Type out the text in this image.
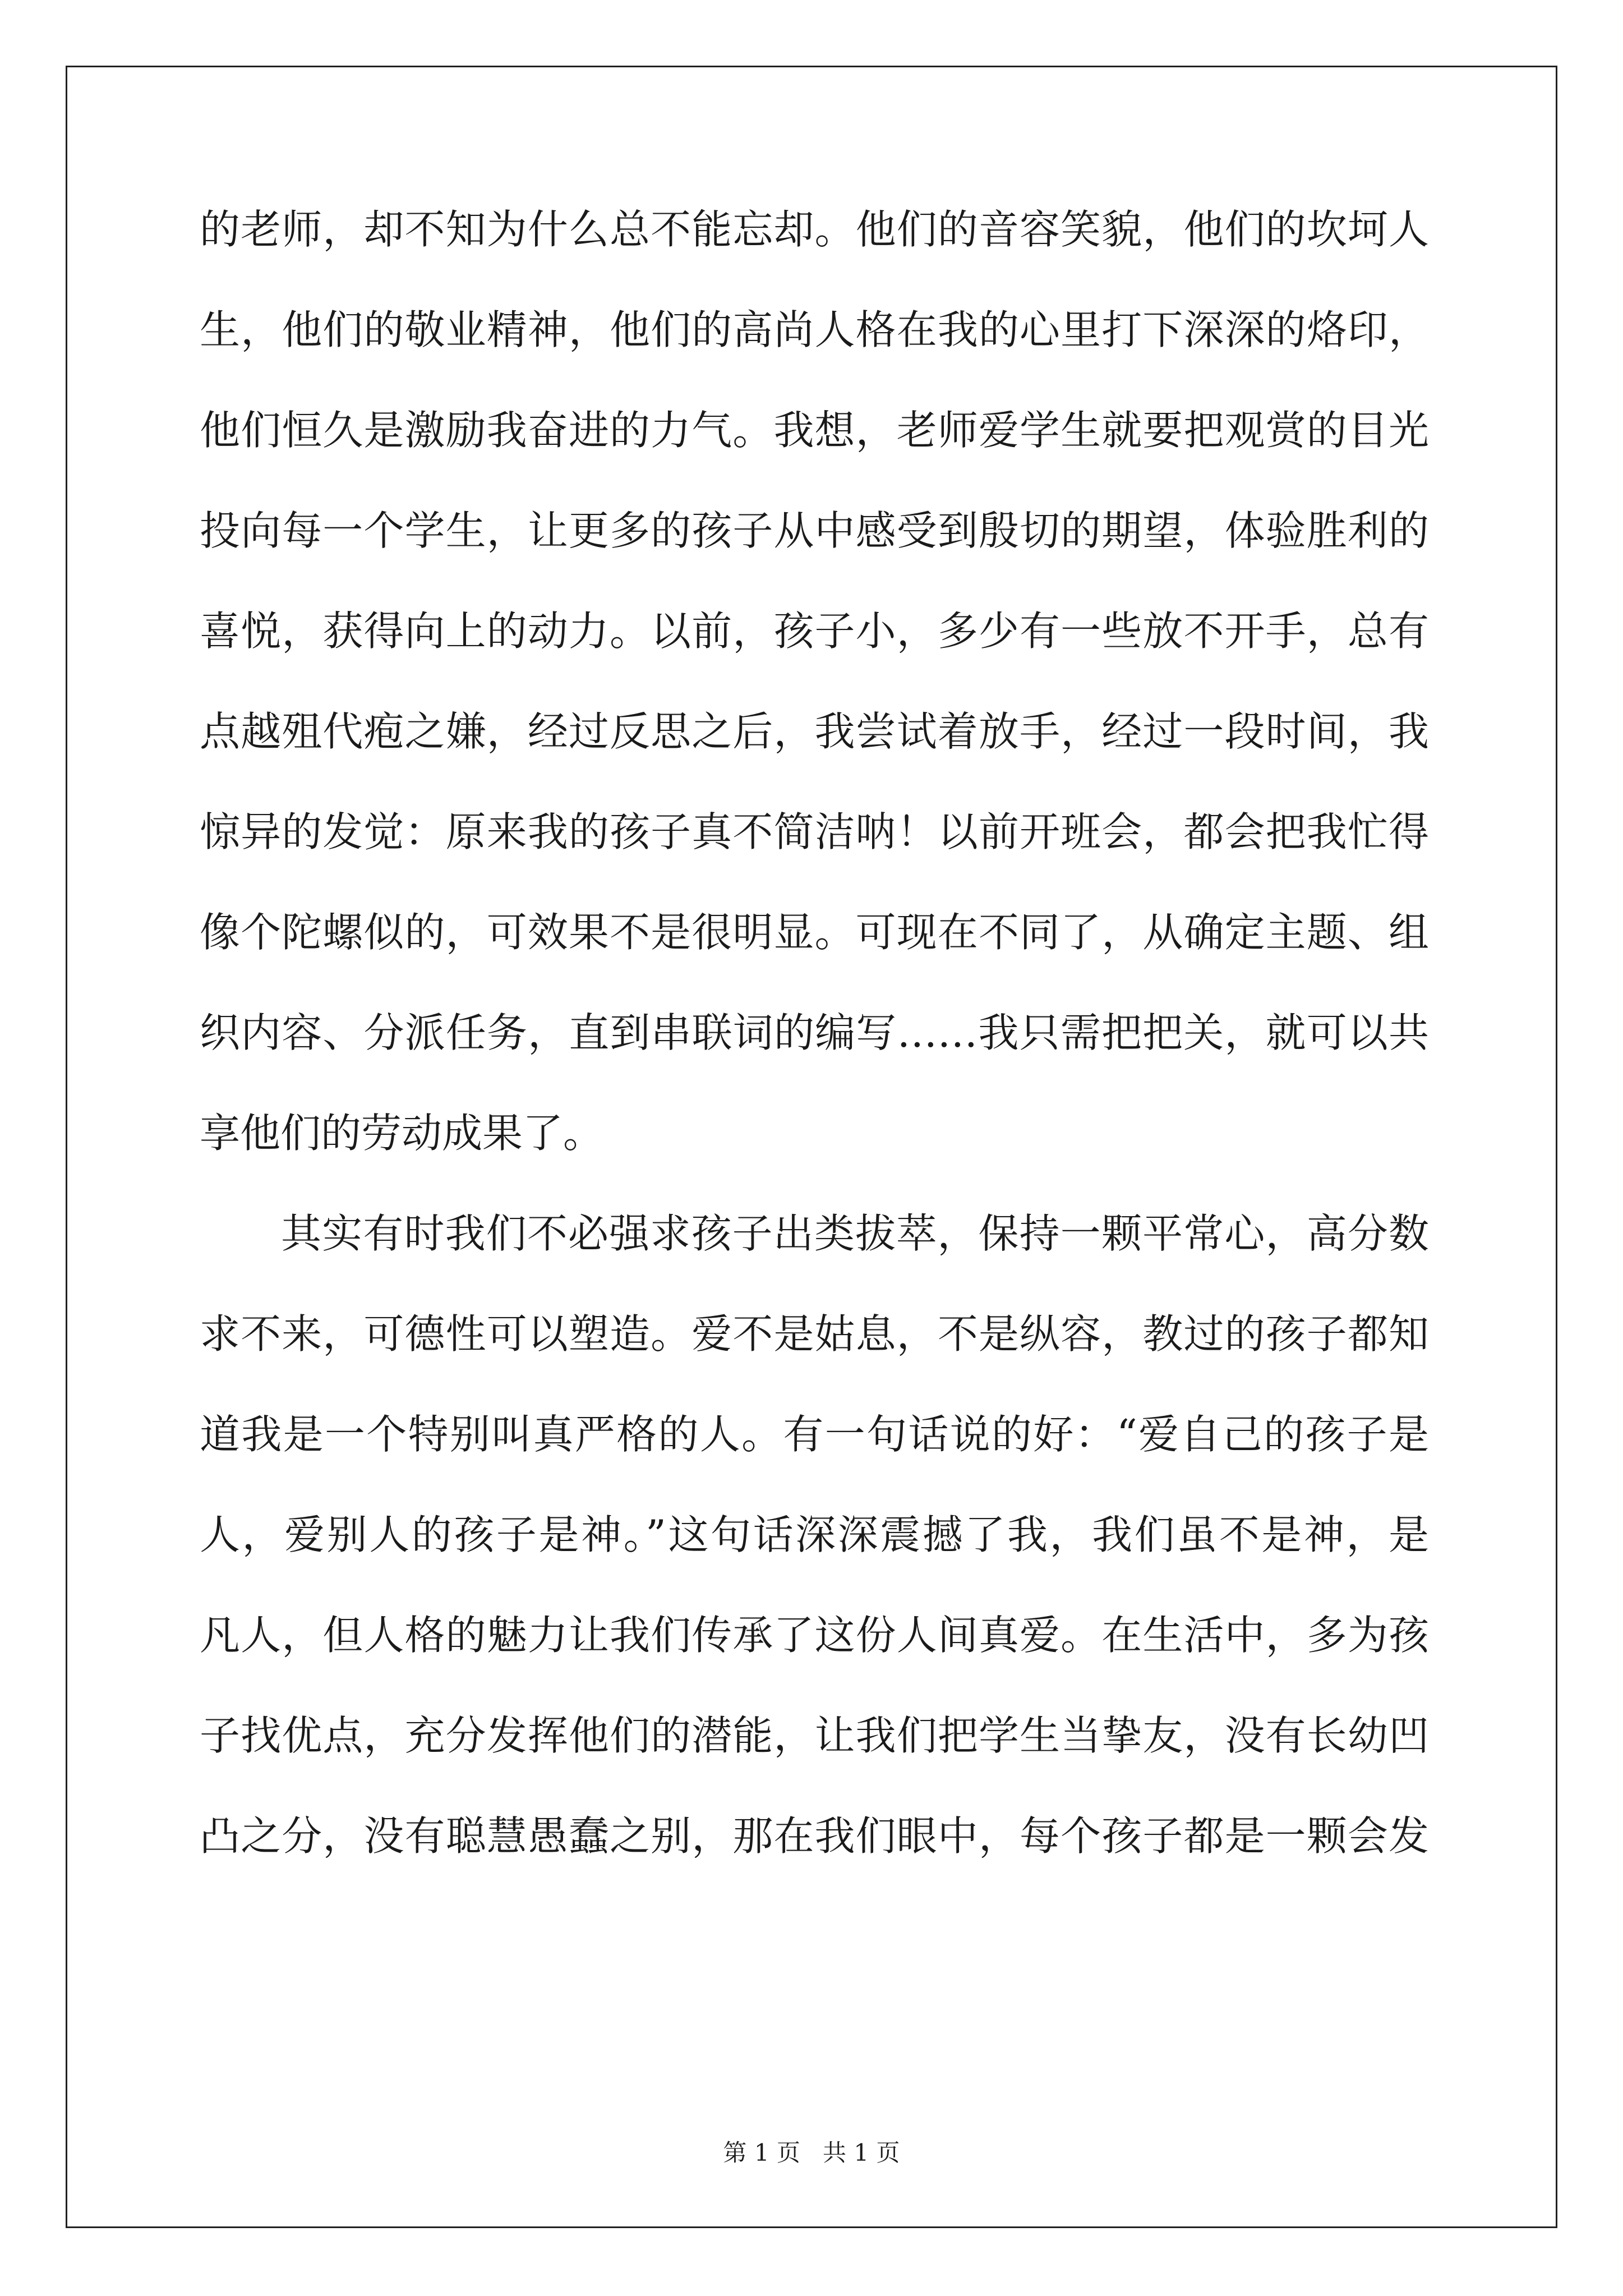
的老师，却不知为什么总不能忘却。他们的音容笑貌，他们的坎坷人
生，他们的敬业精神，他们的高尚人格在我的心里打下深深的烙印，
他们恒久是激励我奋进的力气。我想，老师爱学生就要把观赏的目光
投向每一个学生，让更多的孩子从中感受到殷切的期望，体验胜利的
喜悦，获得向上的动力。以前，孩子小，多少有一些放不开手，总有
点越殂代疱之嫌，经过反思之后，我尝试着放手，经过一段时间，我
惊异的发觉：原来我的孩子真不简洁呐！以前开班会，都会把我忙得
像个陀螺似的，可效果不是很明显。可现在不同了，从确定主题、组
织内容、分派任务，直到串联词的编写……我只需把把关，就可以共
享他们的劳动成果了。
其实有时我们不必强求孩子出类拔萃，保持一颗平常心，高分数
求不来，可德性可以塑造。爱不是姑息，不是纵容，教过的孩子都知
道我是一个特别叫真严格的人。有一句话说的好：“爱自己的孩子是
人，爱别人的孩子是神。”这句话深深震撼了我，我们虽不是神，是
凡人，但人格的魅力让我们传承了这份人间真爱。在生活中，多为孩
子找优点，充分发挥他们的潜能，让我们把学生当挚友，没有长幼凹
凸之分，没有聪慧愚蠢之别，那在我们眼中，每个孩子都是一颗会发
第 1 页   共 1 页
